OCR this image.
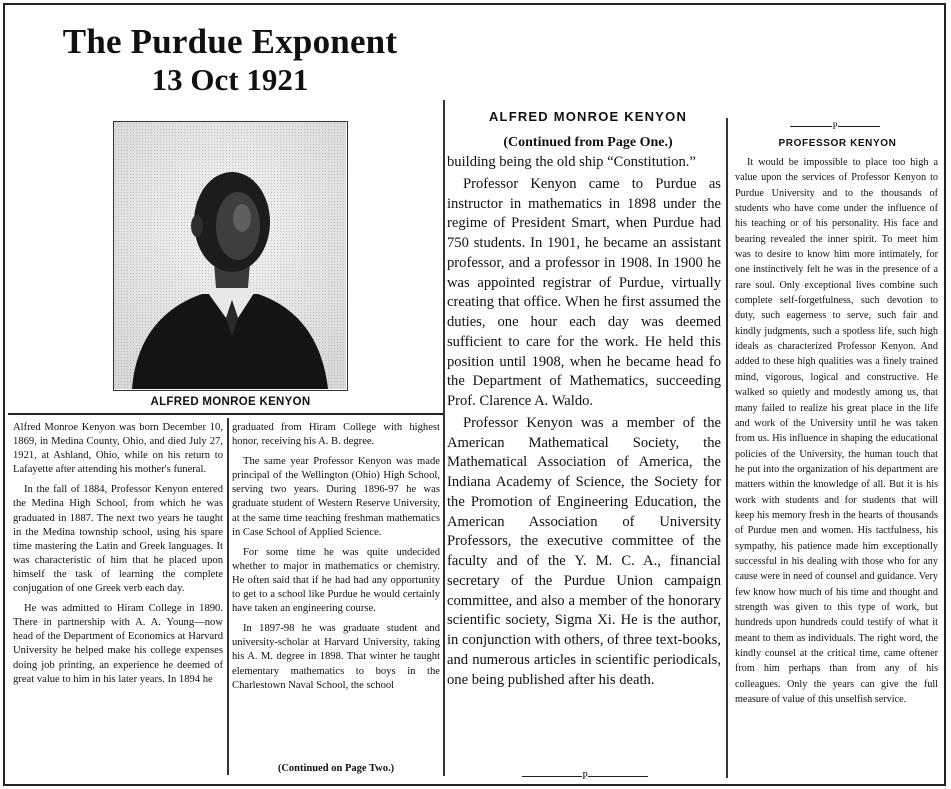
The Purdue Exponent
13 Oct 1921
ALFRED MONROE KENYON

Alfred Monroe Kenyon was born December 10, 1869, in Medina County, Ohio, and died July 27, 1921, at Ashland, Ohio, while on his return to Lafayette after attending his mother's funeral.

In the fall of 1884, Professor Kenyon entered the Medina High School, from which he was graduated in 1887. The next two years he taught in the Medina township school, using his spare time mastering the Latin and Greek languages. It was characteristic of him that he placed upon himself the task of learning the complete conjugation of one Greek verb each day.

He was admitted to Hiram College in 1890. There in partnership with A. A. Young—now head of the Department of Economics at Harvard University he helped make his college expenses doing job printing, an experience he deemed of great value to him in his later years. In 1894 he

graduated from Hiram College with highest honor, receiving his A. B. degree.

The same year Professor Kenyon was made principal of the Wellington (Ohio) High School, serving two years. During 1896-97 he was graduate student of Western Reserve University, at the same time teaching freshman mathematics in Case School of Applied Science.

For some time he was quite undecided whether to major in mathematics or chemistry. He often said that if he had had any opportunity to get to a school like Purdue he would certainly have taken an engineering course.

In 1897-98 he was graduate student and university-scholar at Harvard University, taking his A. M. degree in 1898. That winter he taught elementary mathematics to boys in the Charlestown Naval School, the school

(Continued on Page Two.)
ALFRED MONROE KENYON
(Continued from Page One.)

building being the old ship “Constitution.”

Professor Kenyon came to Purdue as instructor in mathematics in 1898 under the regime of President Smart, when Purdue had 750 students. In 1901, he became an assistant professor, and a professor in 1908. In 1900 he was appointed registrar of Purdue, virtually creating that office. When he first assumed the duties, one hour each day was deemed sufficient to care for the work. He held this position until 1908, when he became head fo the Department of Mathematics, succeeding Prof. Clarence A. Waldo.

Professor Kenyon was a member of the American Mathematical Society, the Mathematical Association of America, the Indiana Academy of Science, the Society for the Promotion of Engineering Education, the American Association of University Professors, the executive committee of the faculty and of the Y. M. C. A., financial secretary of the Purdue Union campaign committee, and also a member of the honorary scientific society, Sigma Xi. He is the author, in conjunction with others, of three text-books, and numerous articles in scientific periodicals, one being published after his death.

P
P
PROFESSOR KENYON

It would be impossible to place too high a value upon the services of Professor Kenyon to Purdue University and to the thousands of students who have come under the influence of his teaching or of his personality. His face and bearing revealed the inner spirit. To meet him was to desire to know him more intimately, for one instinctively felt he was in the presence of a rare soul. Only exceptional lives combine such complete self-forgetfulness, such devotion to duty, such eagerness to serve, such fair and kindly judgments, such a spotless life, such high ideals as characterized Professor Kenyon. And added to these high qualities was a finely trained mind, vigorous, logical and constructive. He walked so quietly and modestly among us, that many failed to realize his great place in the life and work of the University until he was taken from us. His influence in shaping the educational policies of the University, the human touch that he put into the organization of his department are matters within the knowledge of all. But it is his work with students and for students that will keep his memory fresh in the hearts of thousands of Purdue men and women. His tactfulness, his sympathy, his patience made him exceptionally successful in his dealing with those who for any cause were in need of counsel and guidance. Very few know how much of his time and thought and strength was given to this type of work, but hundreds upon hundreds could testify of what it meant to them as individuals. The right word, the kindly counsel at the critical time, came oftener from him perhaps than from any of his colleagues. Only the years can give the full measure of value of this unselfish service.
